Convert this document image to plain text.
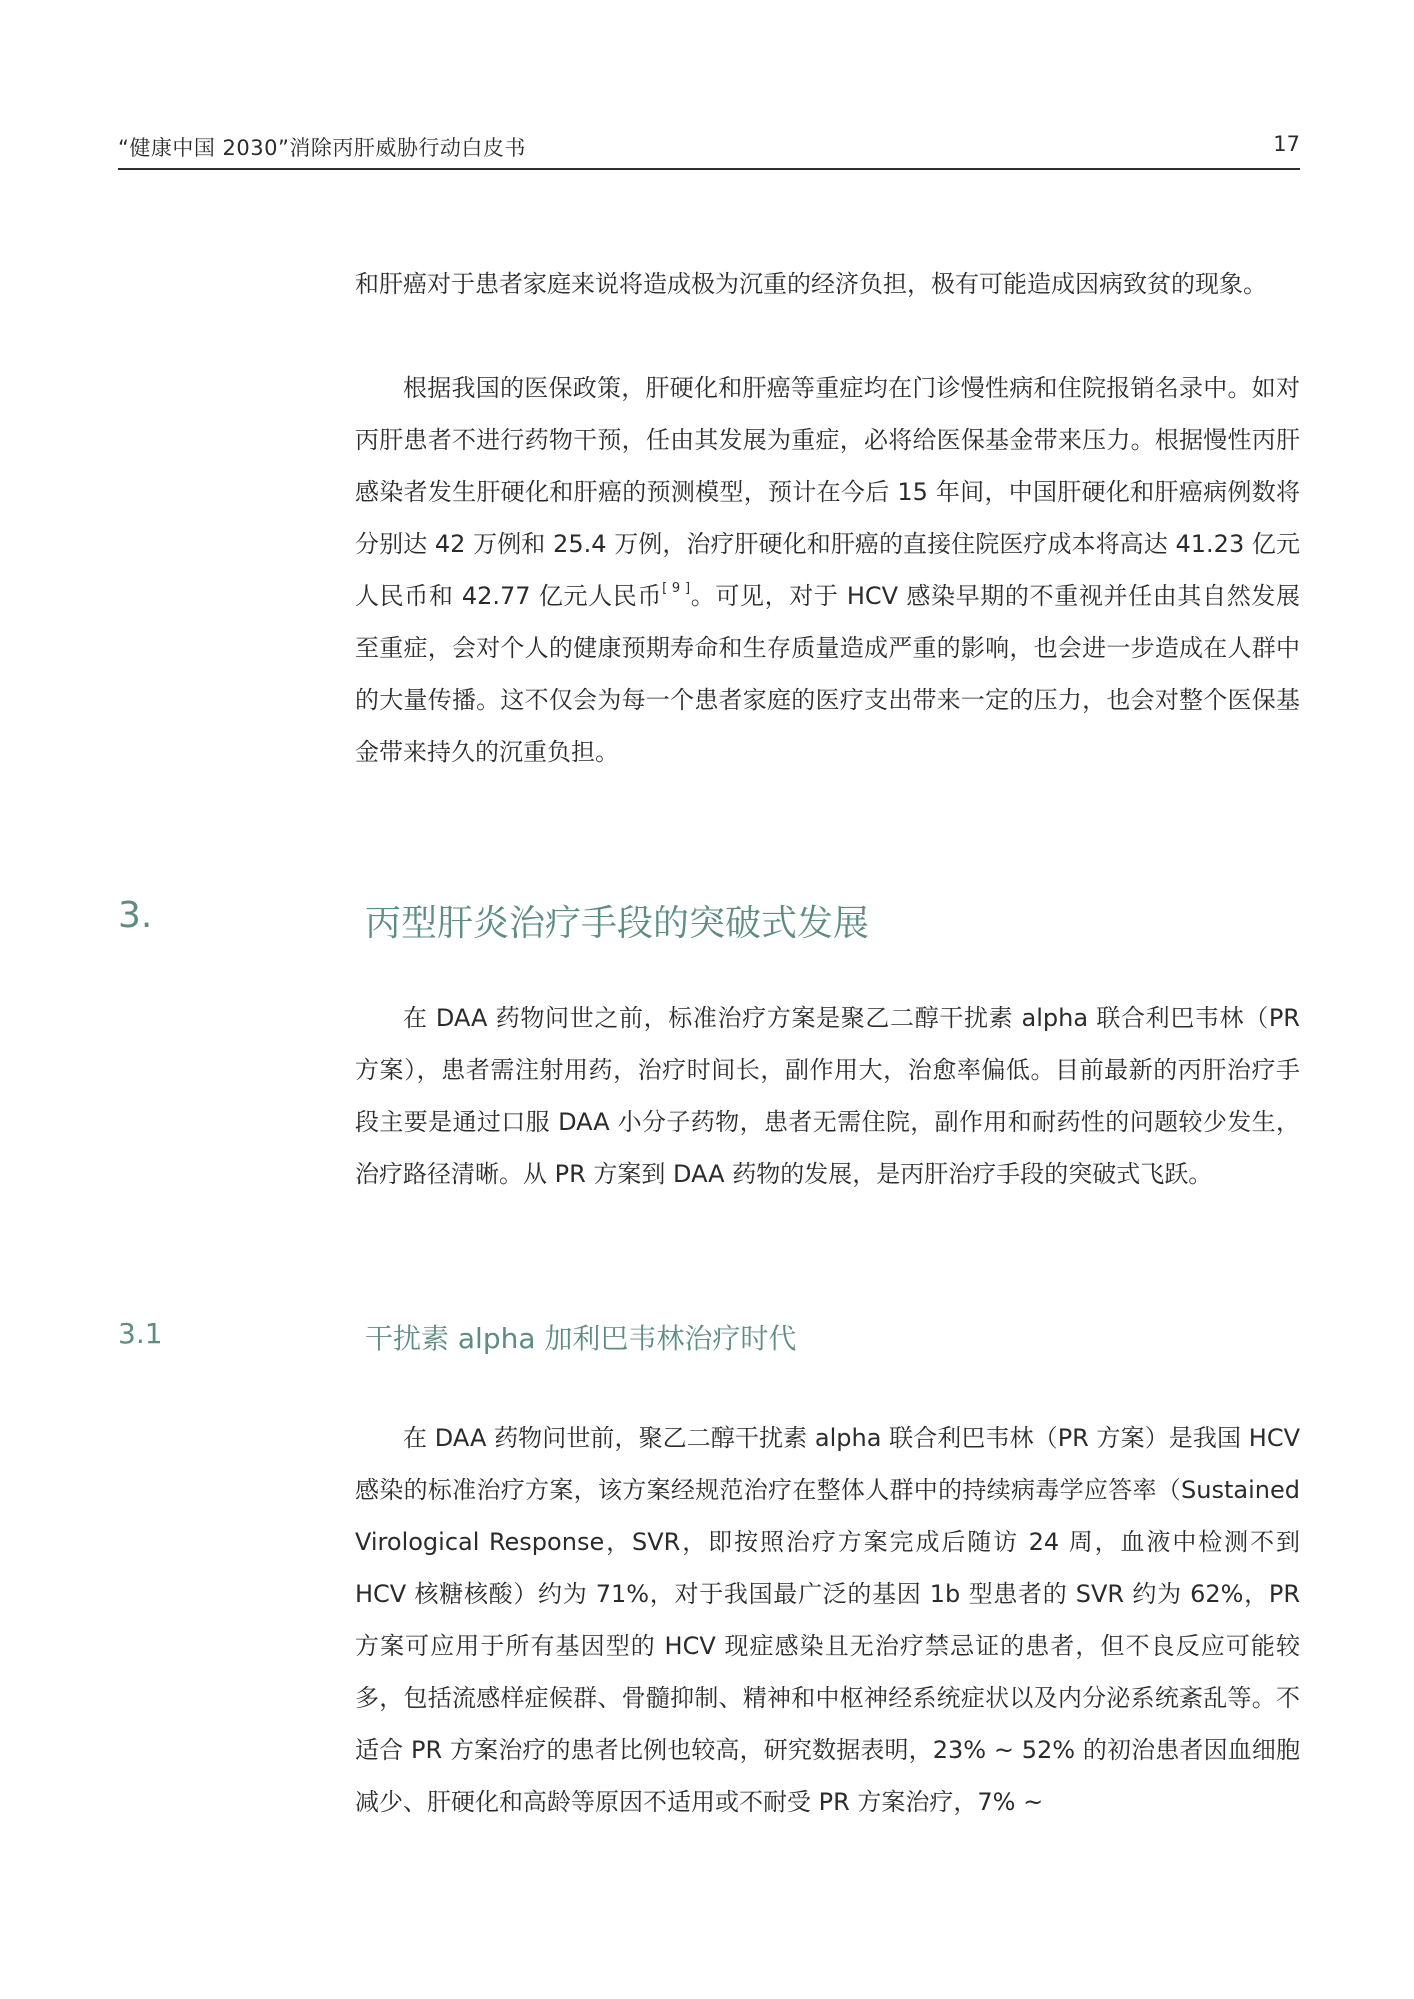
“健康中国 2030”消除丙肝威胁行动白皮书	17

和肝癌对于患者家庭来说将造成极为沉重的经济负担，极有可能造成因病致贫的现象。

根据我国的医保政策，肝硬化和肝癌等重症均在门诊慢性病和住院报销名录中。如对丙肝患者不进行药物干预，任由其发展为重症，必将给医保基金带来压力。根据慢性丙肝感染者发生肝硬化和肝癌的预测模型，预计在今后 15 年间，中国肝硬化和肝癌病例数将分别达 42 万例和 25.4 万例，治疗肝硬化和肝癌的直接住院医疗成本将高达 41.23 亿元人民币和 42.77 亿元人民币[ 9 ]。可见，对于 HCV 感染早期的不重视并任由其自然发展至重症，会对个人的健康预期寿命和生存质量造成严重的影响，也会进一步造成在人群中的大量传播。这不仅会为每一个患者家庭的医疗支出带来一定的压力，也会对整个医保基金带来持久的沉重负担。

3.	丙型肝炎治疗手段的突破式发展

在 DAA 药物问世之前，标准治疗方案是聚乙二醇干扰素 alpha 联合利巴韦林（PR 方案），患者需注射用药，治疗时间长，副作用大，治愈率偏低。目前最新的丙肝治疗手段主要是通过口服 DAA 小分子药物，患者无需住院，副作用和耐药性的问题较少发生，治疗路径清晰。从 PR 方案到 DAA 药物的发展，是丙肝治疗手段的突破式飞跃。

3.1	干扰素 alpha 加利巴韦林治疗时代

在 DAA 药物问世前，聚乙二醇干扰素 alpha 联合利巴韦林（PR 方案）是我国 HCV 感染的标准治疗方案，该方案经规范治疗在整体人群中的持续病毒学应答率（Sustained Virological Response，SVR，即按照治疗方案完成后随访 24 周，血液中检测不到 HCV 核糖核酸）约为 71%，对于我国最广泛的基因 1b 型患者的 SVR 约为 62%，PR 方案可应用于所有基因型的 HCV 现症感染且无治疗禁忌证的患者，但不良反应可能较多，包括流感样症候群、骨髓抑制、精神和中枢神经系统症状以及内分泌系统紊乱等。不适合 PR 方案治疗的患者比例也较高，研究数据表明，23% ~ 52% 的初治患者因血细胞减少、肝硬化和高龄等原因不适用或不耐受 PR 方案治疗，7% ~
